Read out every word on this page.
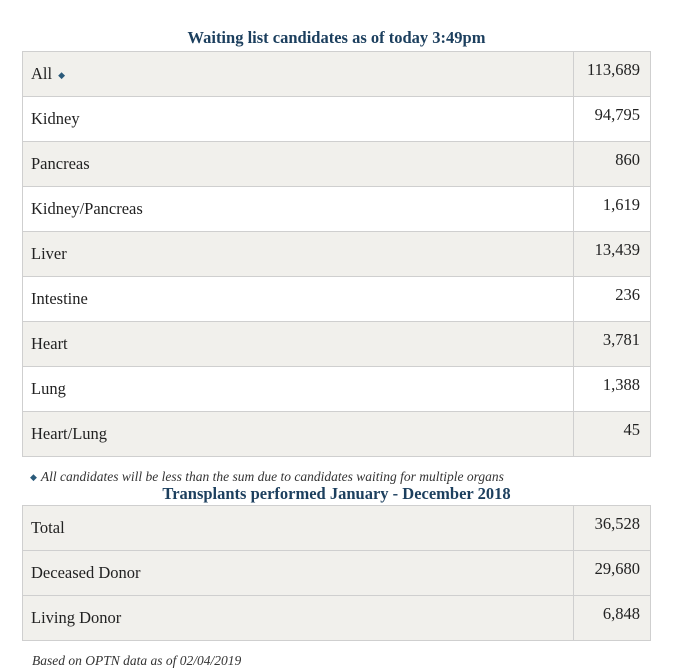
Waiting list candidates as of today 3:49pm
All ◆	113,689
Kidney	94,795
Pancreas	860
Kidney/Pancreas	1,619
Liver	13,439
Intestine	236
Heart	3,781
Lung	1,388
Heart/Lung	45
◆ All candidates will be less than the sum due to candidates waiting for multiple organs
Transplants performed January - December 2018
Total	36,528
Deceased Donor	29,680
Living Donor	6,848
Based on OPTN data as of 02/04/2019
